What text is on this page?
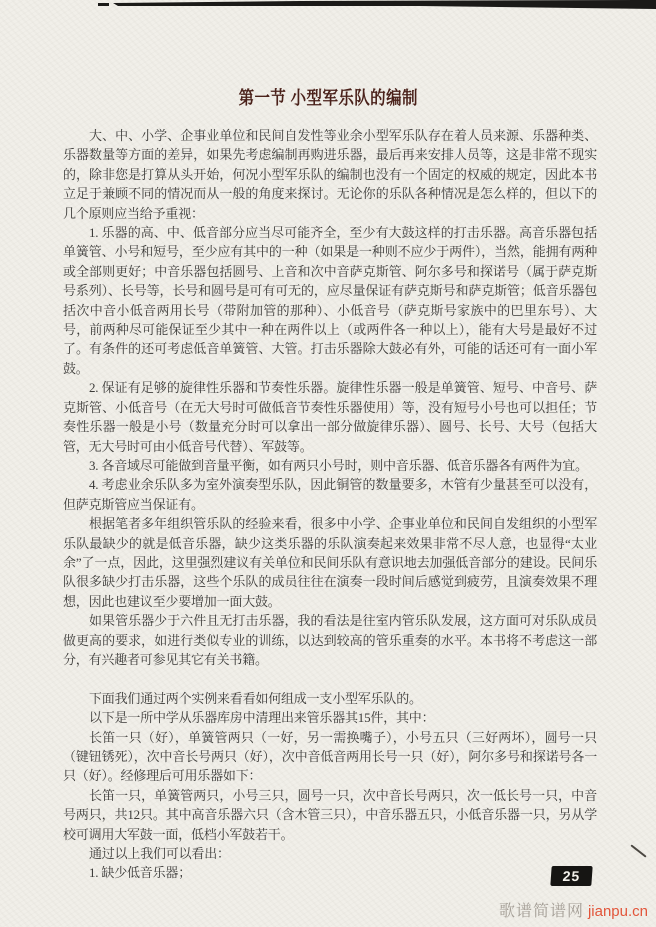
第一节 小型军乐队的编制

大、中、小学、企事业单位和民间自发性等业余小型军乐队存在着人员来源、乐器种类、乐器数量等方面的差异，如果先考虑编制再购进乐器，最后再来安排人员等，这是非常不现实的，除非您是打算从头开始，何况小型军乐队的编制也没有一个固定的权威的规定，因此本书立足于兼顾不同的情况而从一般的角度来探讨。无论你的乐队各种情况是怎么样的，但以下的几个原则应当给予重视：

1. 乐器的高、中、低音部分应当尽可能齐全，至少有大鼓这样的打击乐器。高音乐器包括单簧管、小号和短号，至少应有其中的一种（如果是一种则不应少于两件），当然，能拥有两种或全部则更好；中音乐器包括圆号、上音和次中音萨克斯管、阿尔多号和探诺号（属于萨克斯号系列）、长号等，长号和圆号是可有可无的，应尽量保证有萨克斯号和萨克斯管；低音乐器包括次中音小低音两用长号（带附加管的那种）、小低音号（萨克斯号家族中的巴里东号）、大号，前两种尽可能保证至少其中一种在两件以上（或两件各一种以上），能有大号是最好不过了。有条件的还可考虑低音单簧管、大管。打击乐器除大鼓必有外，可能的话还可有一面小军鼓。

2. 保证有足够的旋律性乐器和节奏性乐器。旋律性乐器一般是单簧管、短号、中音号、萨克斯管、小低音号（在无大号时可做低音节奏性乐器使用）等，没有短号小号也可以担任；节奏性乐器一般是小号（数量充分时可以拿出一部分做旋律乐器）、圆号、长号、大号（包括大管，无大号时可由小低音号代替）、军鼓等。

3. 各音域尽可能做到音量平衡，如有两只小号时，则中音乐器、低音乐器各有两件为宜。

4. 考虑业余乐队多为室外演奏型乐队，因此铜管的数量要多，木管有少量甚至可以没有，但萨克斯管应当保证有。

根据笔者多年组织管乐队的经验来看，很多中小学、企事业单位和民间自发组织的小型军乐队最缺少的就是低音乐器，缺少这类乐器的乐队演奏起来效果非常不尽人意，也显得“太业余”了一点，因此，这里强烈建议有关单位和民间乐队有意识地去加强低音部分的建设。民间乐队很多缺少打击乐器，这些个乐队的成员往往在演奏一段时间后感觉到疲劳，且演奏效果不理想，因此也建议至少要增加一面大鼓。

如果管乐器少于六件且无打击乐器，我的看法是往室内管乐队发展，这方面可对乐队成员做更高的要求，如进行类似专业的训练，以达到较高的管乐重奏的水平。本书将不考虑这一部分，有兴趣者可参见其它有关书籍。

下面我们通过两个实例来看看如何组成一支小型军乐队的。

以下是一所中学从乐器库房中清理出来管乐器其15件，其中：

长笛一只（好），单簧管两只（一好，另一需换嘴子），小号五只（三好两坏），圆号一只（键钮锈死），次中音长号两只（好），次中音低音两用长号一只（好），阿尔多号和探诺号各一只（好）。经修理后可用乐器如下：

长笛一只，单簧管两只，小号三只，圆号一只，次中音长号两只，次一低长号一只，中音号两只，共12只。其中高音乐器六只（含木管三只），中音乐器五只，小低音乐器一只，另从学校可调用大军鼓一面，低档小军鼓若干。

通过以上我们可以看出：

1. 缺少低音乐器；	25
歌谱简谱网 jianpu.cn
